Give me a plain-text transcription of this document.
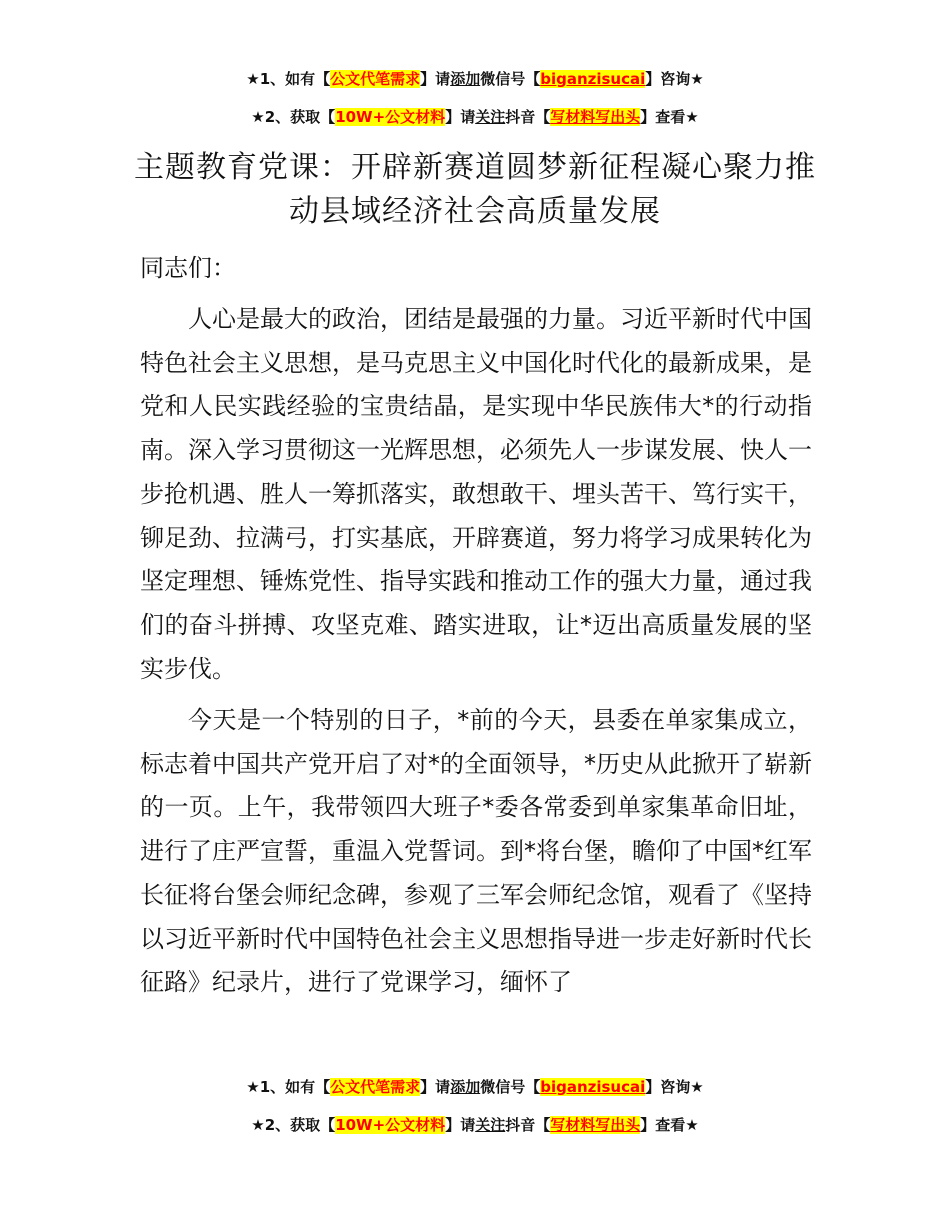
★1、如有【公文代笔需求】请添加微信号【biganzisucai】咨询★
★2、获取【10W+公文材料】请关注抖音【写材料写出头】查看★
主题教育党课：开辟新赛道圆梦新征程凝心聚力推动县域经济社会高质量发展
同志们：

人心是最大的政治，团结是最强的力量。习近平新时代中国特色社会主义思想，是马克思主义中国化时代化的最新成果，是党和人民实践经验的宝贵结晶，是实现中华民族伟大*的行动指南。深入学习贯彻这一光辉思想，必须先人一步谋发展、快人一步抢机遇、胜人一筹抓落实，敢想敢干、埋头苦干、笃行实干，铆足劲、拉满弓，打实基底，开辟赛道，努力将学习成果转化为坚定理想、锤炼党性、指导实践和推动工作的强大力量，通过我们的奋斗拼搏、攻坚克难、踏实进取，让*迈出高质量发展的坚实步伐。

今天是一个特别的日子，*前的今天，县委在单家集成立，标志着中国共产党开启了对*的全面领导，*历史从此掀开了崭新的一页。上午，我带领四大班子*委各常委到单家集革命旧址，进行了庄严宣誓，重温入党誓词。到*将台堡，瞻仰了中国*红军长征将台堡会师纪念碑，参观了三军会师纪念馆，观看了《坚持以习近平新时代中国特色社会主义思想指导进一步走好新时代长征路》纪录片，进行了党课学习，缅怀了

★1、如有【公文代笔需求】请添加微信号【biganzisucai】咨询★
★2、获取【10W+公文材料】请关注抖音【写材料写出头】查看★
